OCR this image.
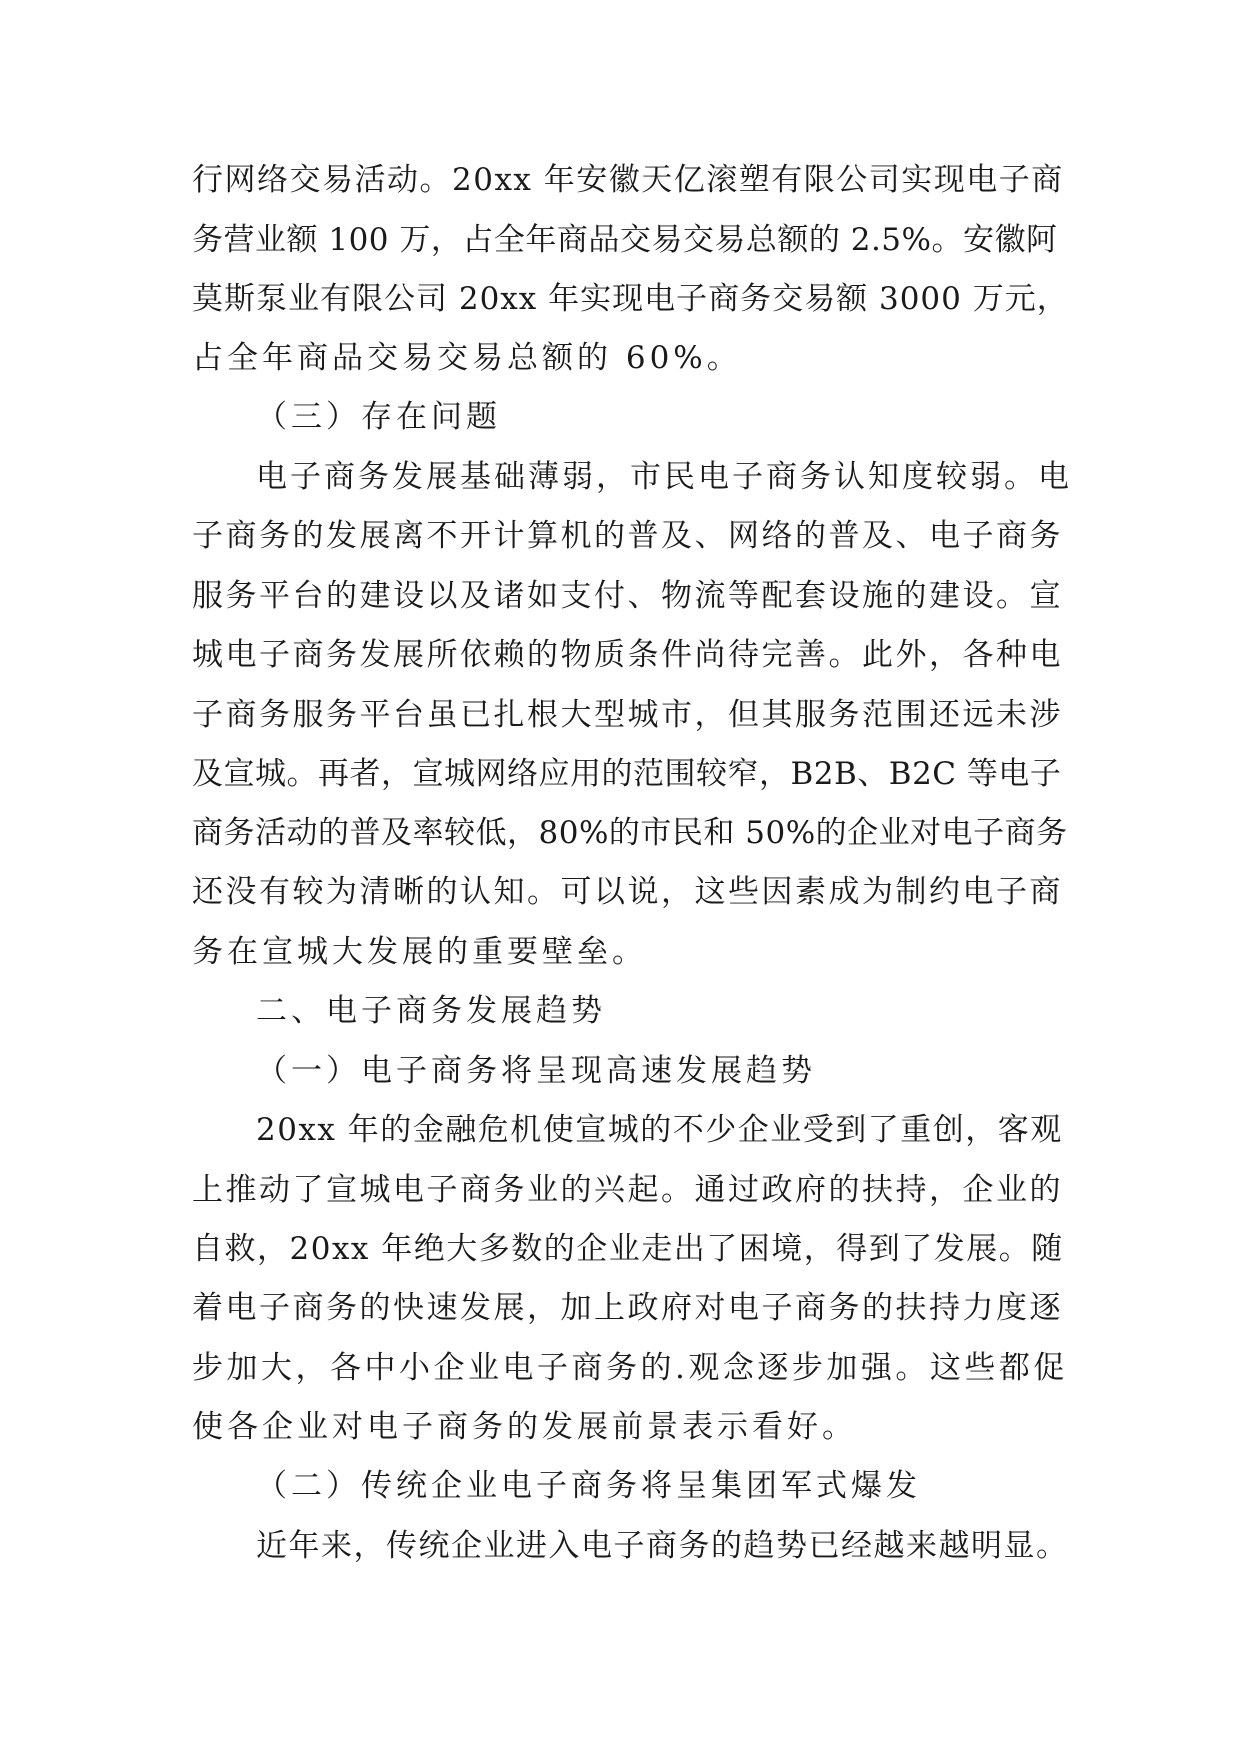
行网络交易活动。20xx 年安徽天亿滚塑有限公司实现电子商
务营业额 100 万，占全年商品交易交易总额的 2.5%。安徽阿
莫斯泵业有限公司 20xx 年实现电子商务交易额 3000 万元，
占全年商品交易交易总额的 60%。
（三）存在问题
电子商务发展基础薄弱，市民电子商务认知度较弱。电
子商务的发展离不开计算机的普及、网络的普及、电子商务
服务平台的建设以及诸如支付、物流等配套设施的建设。宣
城电子商务发展所依赖的物质条件尚待完善。此外，各种电
子商务服务平台虽已扎根大型城市，但其服务范围还远未涉
及宣城。再者，宣城网络应用的范围较窄，B2B、B2C 等电子
商务活动的普及率较低，80%的市民和 50%的企业对电子商务
还没有较为清晰的认知。可以说，这些因素成为制约电子商
务在宣城大发展的重要壁垒。
二、电子商务发展趋势
（一）电子商务将呈现高速发展趋势
20xx 年的金融危机使宣城的不少企业受到了重创，客观
上推动了宣城电子商务业的兴起。通过政府的扶持，企业的
自救，20xx 年绝大多数的企业走出了困境，得到了发展。随
着电子商务的快速发展，加上政府对电子商务的扶持力度逐
步加大，各中小企业电子商务的.观念逐步加强。这些都促
使各企业对电子商务的发展前景表示看好。
（二）传统企业电子商务将呈集团军式爆发
近年来，传统企业进入电子商务的趋势已经越来越明显。
